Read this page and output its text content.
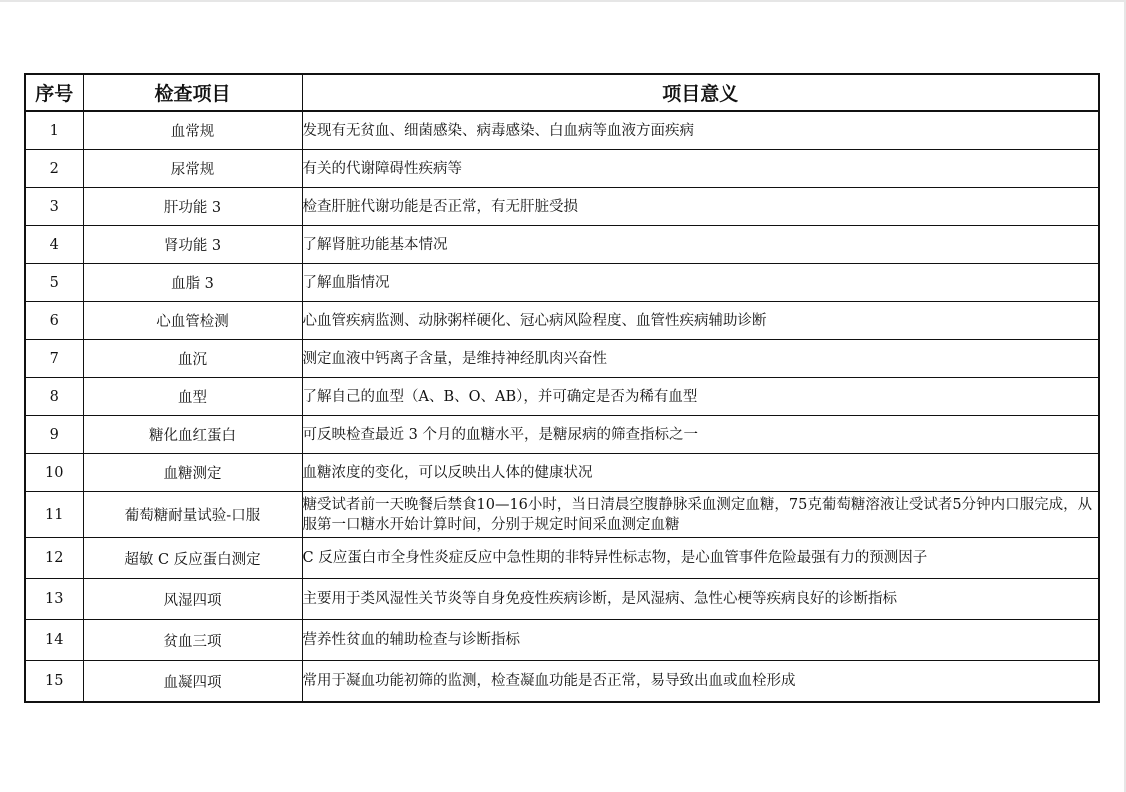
序号	检查项目	项目意义
1	血常规	发现有无贫血、细菌感染、病毒感染、白血病等血液方面疾病
2	尿常规	有关的代谢障碍性疾病等
3	肝功能 3	检查肝脏代谢功能是否正常，有无肝脏受损
4	肾功能 3	了解肾脏功能基本情况
5	血脂 3	了解血脂情况
6	心血管检测	心血管疾病监测、动脉粥样硬化、冠心病风险程度、血管性疾病辅助诊断
7	血沉	测定血液中钙离子含量，是维持神经肌肉兴奋性
8	血型	了解自己的血型（A、B、O、AB），并可确定是否为稀有血型
9	糖化血红蛋白	可反映检查最近 3 个月的血糖水平，是糖尿病的筛查指标之一
10	血糖测定	血糖浓度的变化，可以反映出人体的健康状况
11	葡萄糖耐量试验-口服	糖受试者前一天晚餐后禁食10—16小时，当日清晨空腹静脉采血测定血糖，75克葡萄糖溶液让受试者5分钟内口服完成，从服第一口糖水开始计算时间，分别于规定时间采血测定血糖
12	超敏 C 反应蛋白测定	C 反应蛋白市全身性炎症反应中急性期的非特异性标志物，是心血管事件危险最强有力的预测因子
13	风湿四项	主要用于类风湿性关节炎等自身免疫性疾病诊断，是风湿病、急性心梗等疾病良好的诊断指标
14	贫血三项	营养性贫血的辅助检查与诊断指标
15	血凝四项	常用于凝血功能初筛的监测，检查凝血功能是否正常，易导致出血或血栓形成
